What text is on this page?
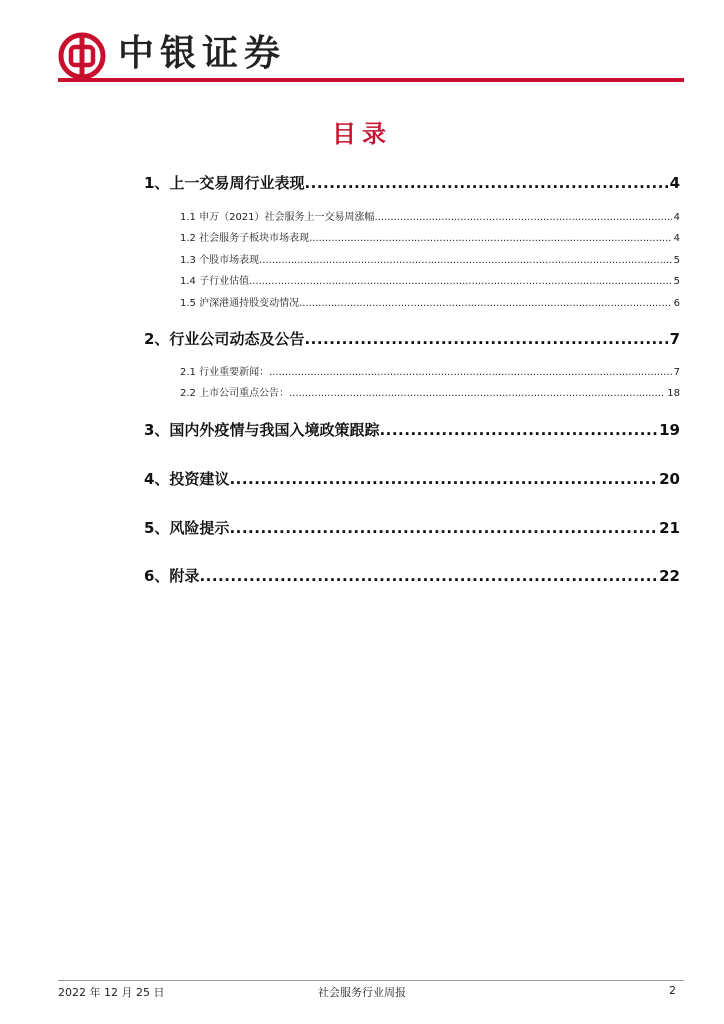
中银证券
目录
1、上一交易周行业表现 .....	4
1.1 申万（2021）社会服务上一交易周涨幅 .....	4
1.2 社会服务子板块市场表现 .....	4
1.3 个股市场表现 .....	5
1.4 子行业估值 .....	5
1.5 沪深港通持股变动情况 .....	6
2、行业公司动态及公告 .....	7
2.1 行业重要新闻： .....	7
2.2 上市公司重点公告： .....	18
3、国内外疫情与我国入境政策跟踪 .....	19
4、投资建议 .....	20
5、风险提示 .....	21
6、附录 .....	22
2022 年 12 月 25 日	社会服务行业周报	2
